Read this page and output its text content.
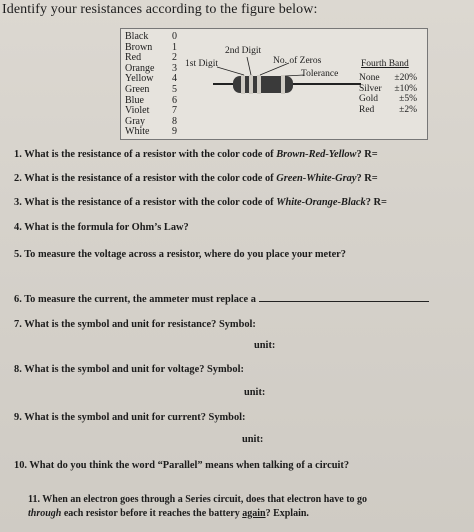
Identify your resistances according to the figure below:
Black 0
Brown 1
Red	2
Orange 3
Yellow 4
Green 5
Blue	6
Violet 7
Gray	8
White 9
2nd Digit
1st Digit	No. of Zeros
Tolerance
Fourth Band
None ±20%
Silver ±10%
Gold ±5%
Red	±2%
1. What is the resistance of a resistor with the color code of Brown-Red-Yellow? R=
2. What is the resistance of a resistor with the color code of Green-White-Gray? R=
3. What is the resistance of a resistor with the color code of White-Orange-Black? R=
4. What is the formula for Ohm’s Law?
5. To measure the voltage across a resistor, where do you place your meter?
6. To measure the current, the ammeter must replace a
7. What is the symbol and unit for resistance? Symbol:
unit:
8. What is the symbol and unit for voltage? Symbol:
unit:
9. What is the symbol and unit for current? Symbol:
unit:
10. What do you think the word “Parallel” means when talking of a circuit?
11. When an electron goes through a Series circuit, does that electron have to go
through each resistor before it reaches the battery again? Explain.
